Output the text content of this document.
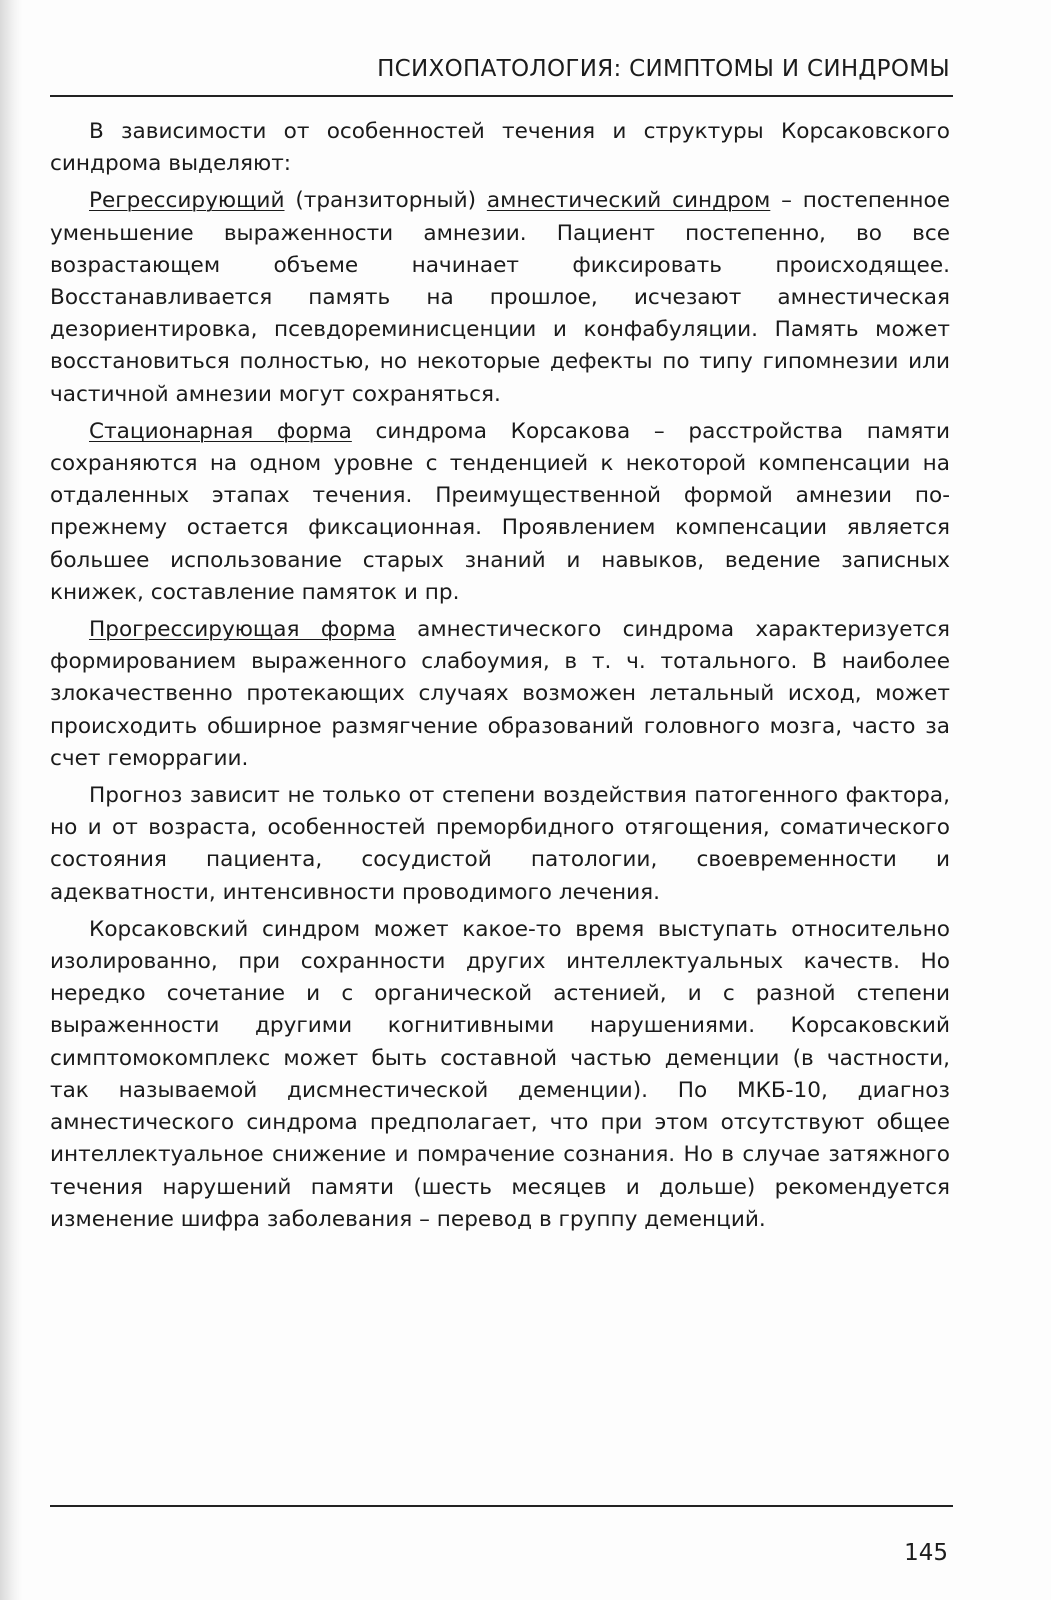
ПСИХОПАТОЛОГИЯ: СИМПТОМЫ И СИНДРОМЫ

В зависимости от особенностей течения и структуры Корсаковского синдрома выделяют:

Регрессирующий (транзиторный) амнестический синдром – постепенное уменьшение выраженности амнезии. Пациент постепенно, во все возрастающем объеме начинает фиксировать происходящее. Восстанавливается память на прошлое, исчезают амнестическая дезориентировка, псевдореминисценции и конфабуляции. Память может восстановиться полностью, но некоторые дефекты по типу гипомнезии или частичной амнезии могут сохраняться.

Стационарная форма синдрома Корсакова – расстройства памяти сохраняются на одном уровне с тенденцией к некоторой компенсации на отдаленных этапах течения. Преимущественной формой амнезии по-прежнему остается фиксационная. Проявлением компенсации является большее использование старых знаний и навыков, ведение записных книжек, составление памяток и пр.

Прогрессирующая форма амнестического синдрома характеризуется формированием выраженного слабоумия, в т. ч. тотального. В наиболее злокачественно протекающих случаях возможен летальный исход, может происходить обширное размягчение образований головного мозга, часто за счет геморрагии.

Прогноз зависит не только от степени воздействия патогенного фактора, но и от возраста, особенностей преморбидного отягощения, соматического состояния пациента, сосудистой патологии, своевременности и адекватности, интенсивности проводимого лечения.

Корсаковский синдром может какое-то время выступать относительно изолированно, при сохранности других интеллектуальных качеств. Но нередко сочетание и с органической астенией, и с разной степени выраженности другими когнитивными нарушениями. Корсаковский симптомокомплекс может быть составной частью деменции (в частности, так называемой дисмнестической деменции). По МКБ-10, диагноз амнестического синдрома предполагает, что при этом отсутствуют общее интеллектуальное снижение и помрачение сознания. Но в случае затяжного течения нарушений памяти (шесть месяцев и дольше) рекомендуется изменение шифра заболевания – перевод в группу деменций.

145
